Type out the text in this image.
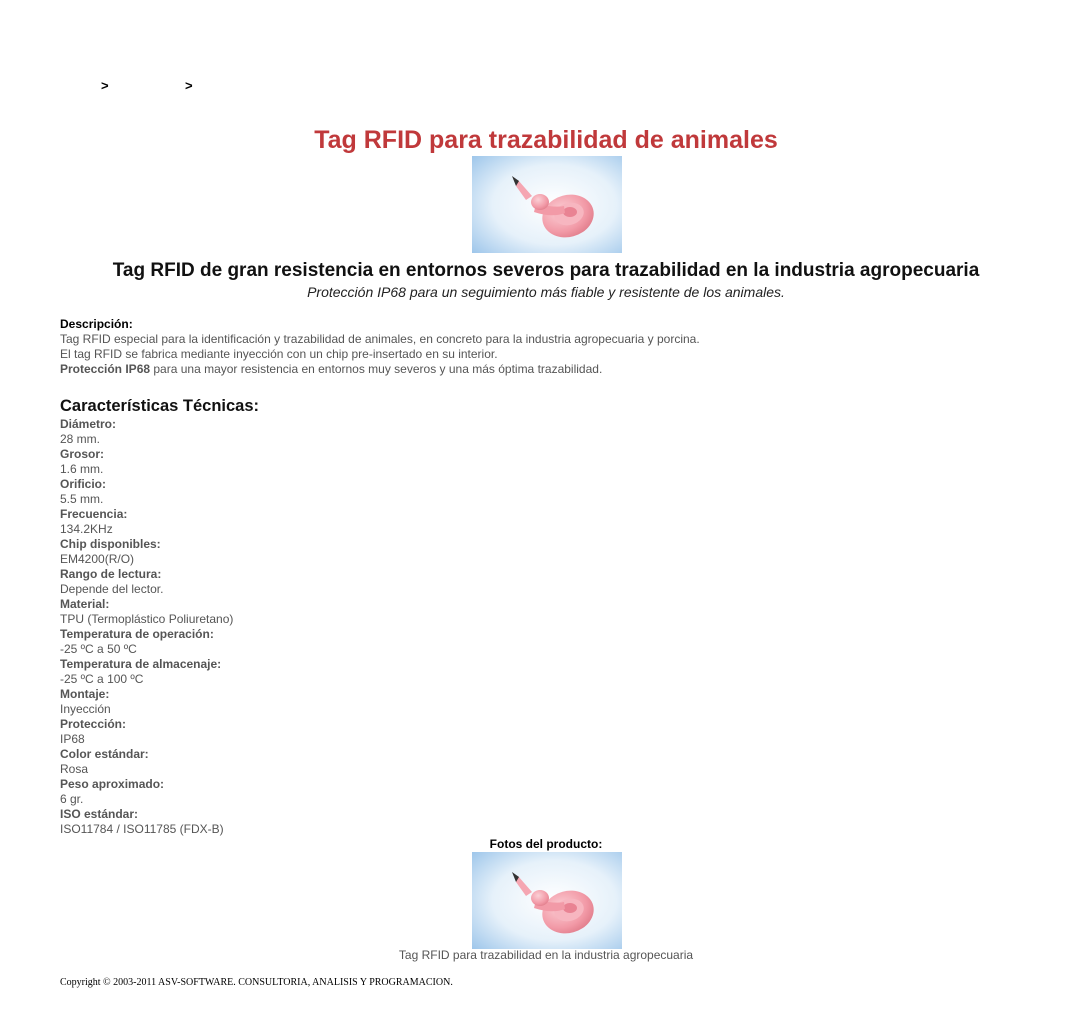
>	>
Tag RFID para trazabilidad de animales
Tag RFID de gran resistencia en entornos severos para trazabilidad en la industria agropecuaria
Protección IP68 para un seguimiento más fiable y resistente de los animales.
Descripción:
Tag RFID especial para la identificación y trazabilidad de animales, en concreto para la industria agropecuaria y porcina.
El tag RFID se fabrica mediante inyección con un chip pre-insertado en su interior.
Protección IP68 para una mayor resistencia en entornos muy severos y una más óptima trazabilidad.
Características Técnicas:
Diámetro:
28 mm.
Grosor:
1.6 mm.
Orificio:
5.5 mm.
Frecuencia:
134.2KHz
Chip disponibles:
EM4200(R/O)
Rango de lectura:
Depende del lector.
Material:
TPU (Termoplástico Poliuretano)
Temperatura de operación:
-25 ºC a 50 ºC
Temperatura de almacenaje:
-25 ºC a 100 ºC
Montaje:
Inyección
Protección:
IP68
Color estándar:
Rosa
Peso aproximado:
6 gr.
ISO estándar:
ISO11784 / ISO11785 (FDX-B)
Fotos del producto:
Tag RFID para trazabilidad en la industria agropecuaria
Copyright © 2003-2011 ASV-SOFTWARE. CONSULTORIA, ANALISIS Y PROGRAMACION.
